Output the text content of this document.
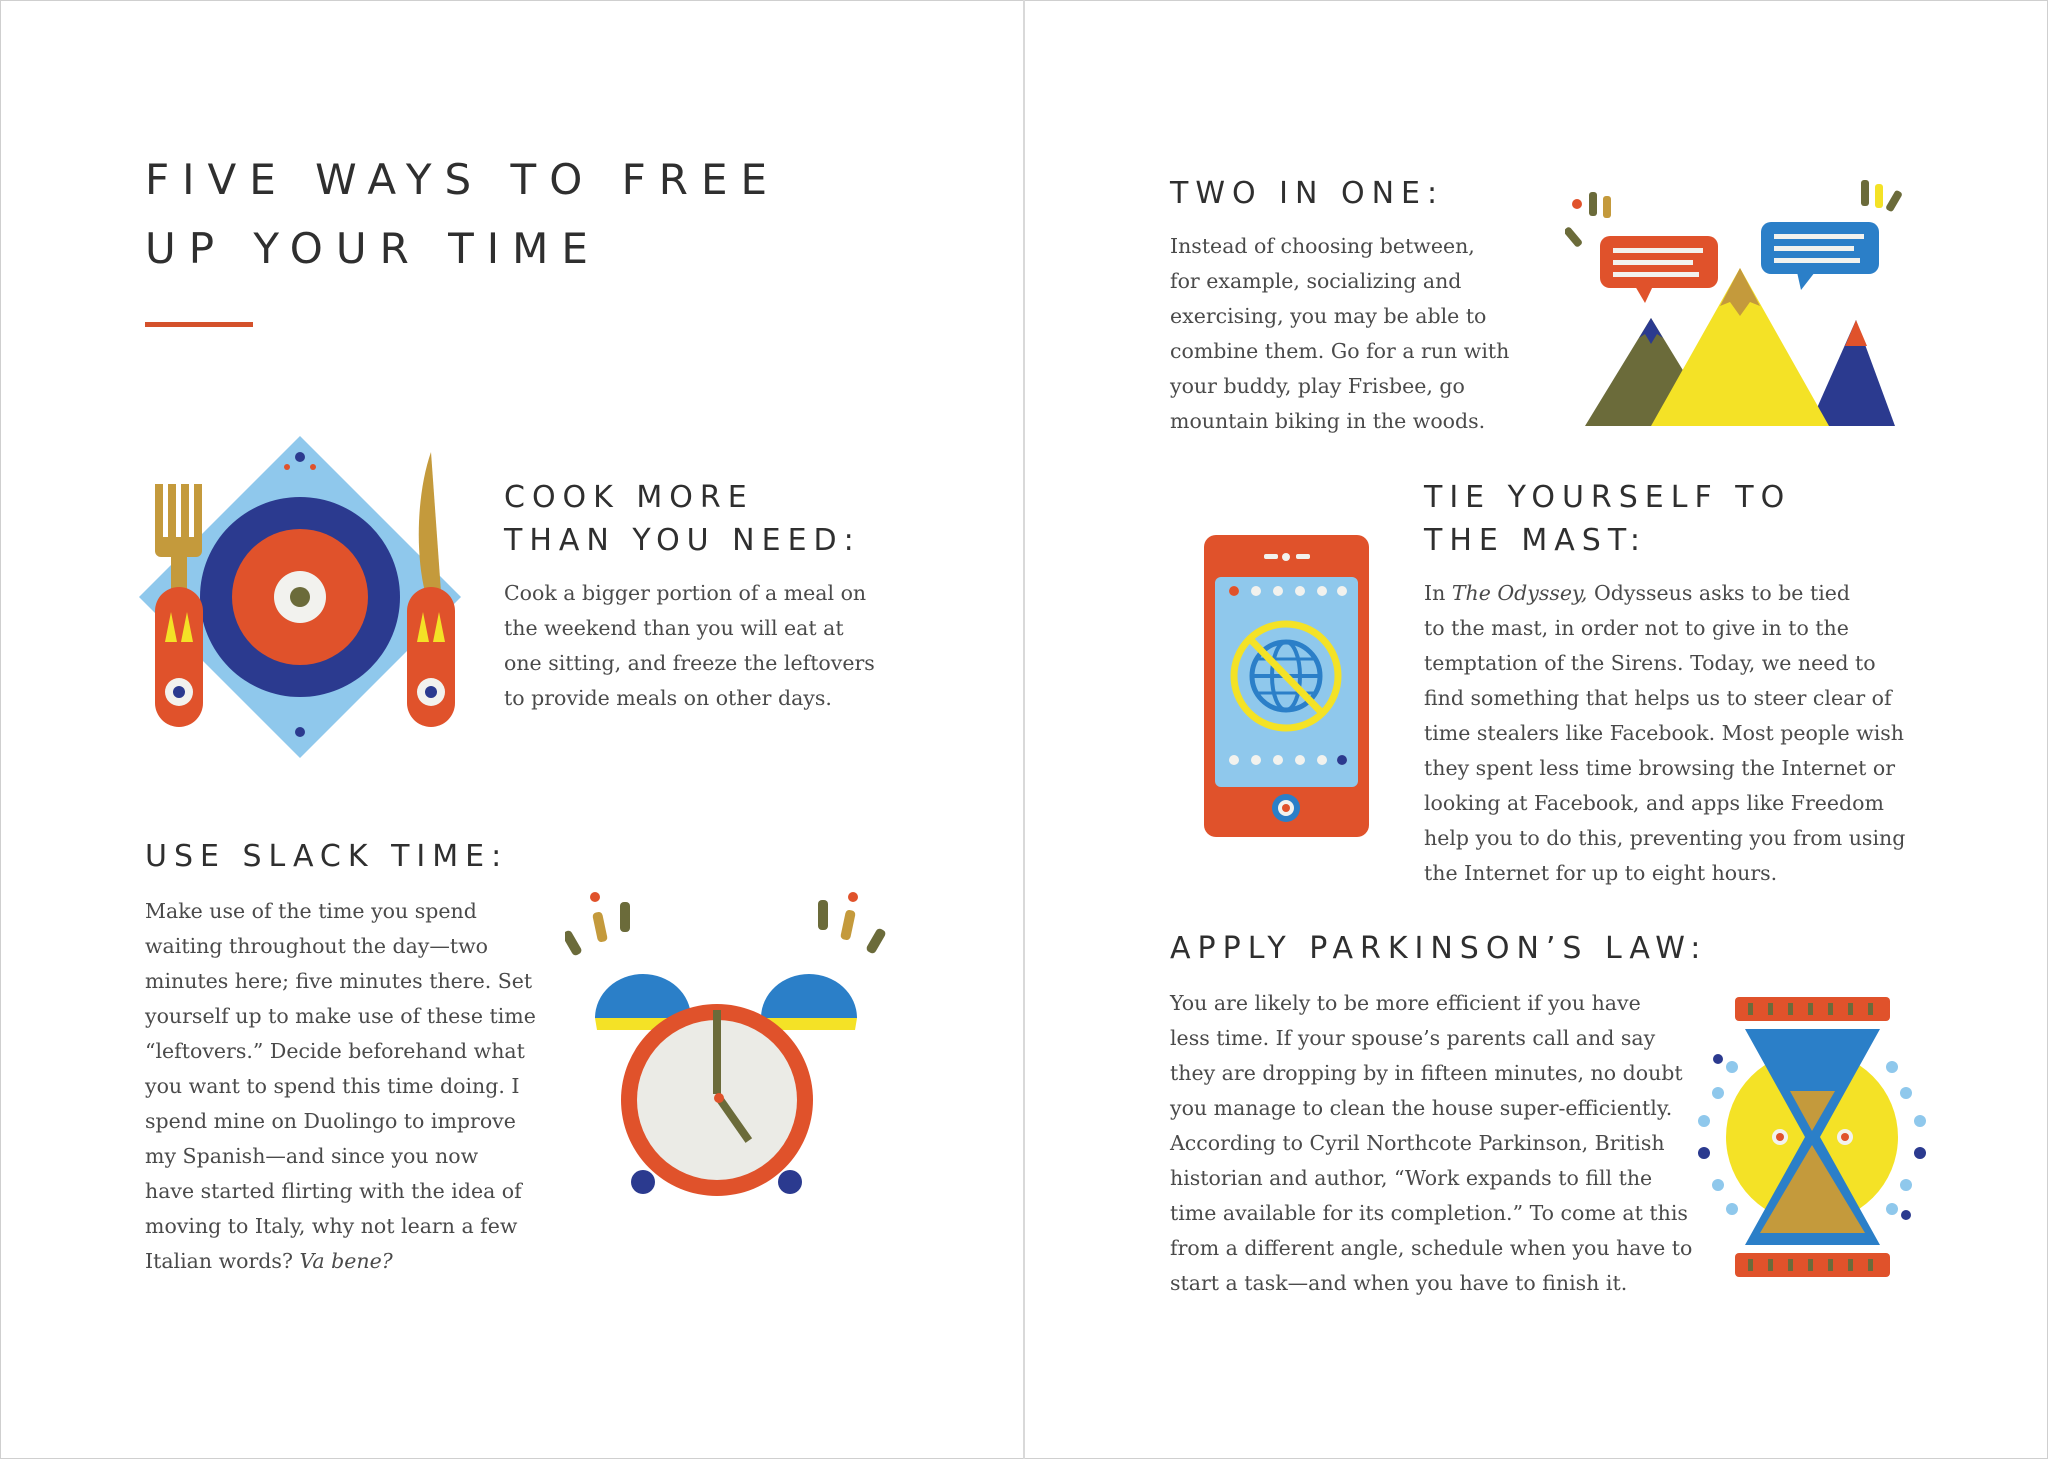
FIVE WAYS TO FREE
UP YOUR TIME
COOK MORE
THAN YOU NEED:

Cook a bigger portion of a meal on
the weekend than you will eat at
one sitting, and freeze the leftovers
to provide meals on other days.

USE SLACK TIME:

Make use of the time you spend
waiting throughout the day—two
minutes here; five minutes there. Set
yourself up to make use of these time
“leftovers.” Decide beforehand what
you want to spend this time doing. I
spend mine on Duolingo to improve
my Spanish—and since you now
have started flirting with the idea of
moving to Italy, why not learn a few
Italian words? Va bene?

TWO IN ONE:

Instead of choosing between,
for example, socializing and
exercising, you may be able to
combine them. Go for a run with
your buddy, play Frisbee, go
mountain biking in the woods.

TIE YOURSELF TO
THE MAST:

In The Odyssey, Odysseus asks to be tied
to the mast, in order not to give in to the
temptation of the Sirens. Today, we need to
find something that helps us to steer clear of
time stealers like Facebook. Most people wish
they spent less time browsing the Internet or
looking at Facebook, and apps like Freedom
help you to do this, preventing you from using
the Internet for up to eight hours.

APPLY PARKINSON’S LAW:

You are likely to be more efficient if you have
less time. If your spouse’s parents call and say
they are dropping by in fifteen minutes, no doubt
you manage to clean the house super-efficiently.
According to Cyril Northcote Parkinson, British
historian and author, “Work expands to fill the
time available for its completion.” To come at this
from a different angle, schedule when you have to
start a task—and when you have to finish it.
